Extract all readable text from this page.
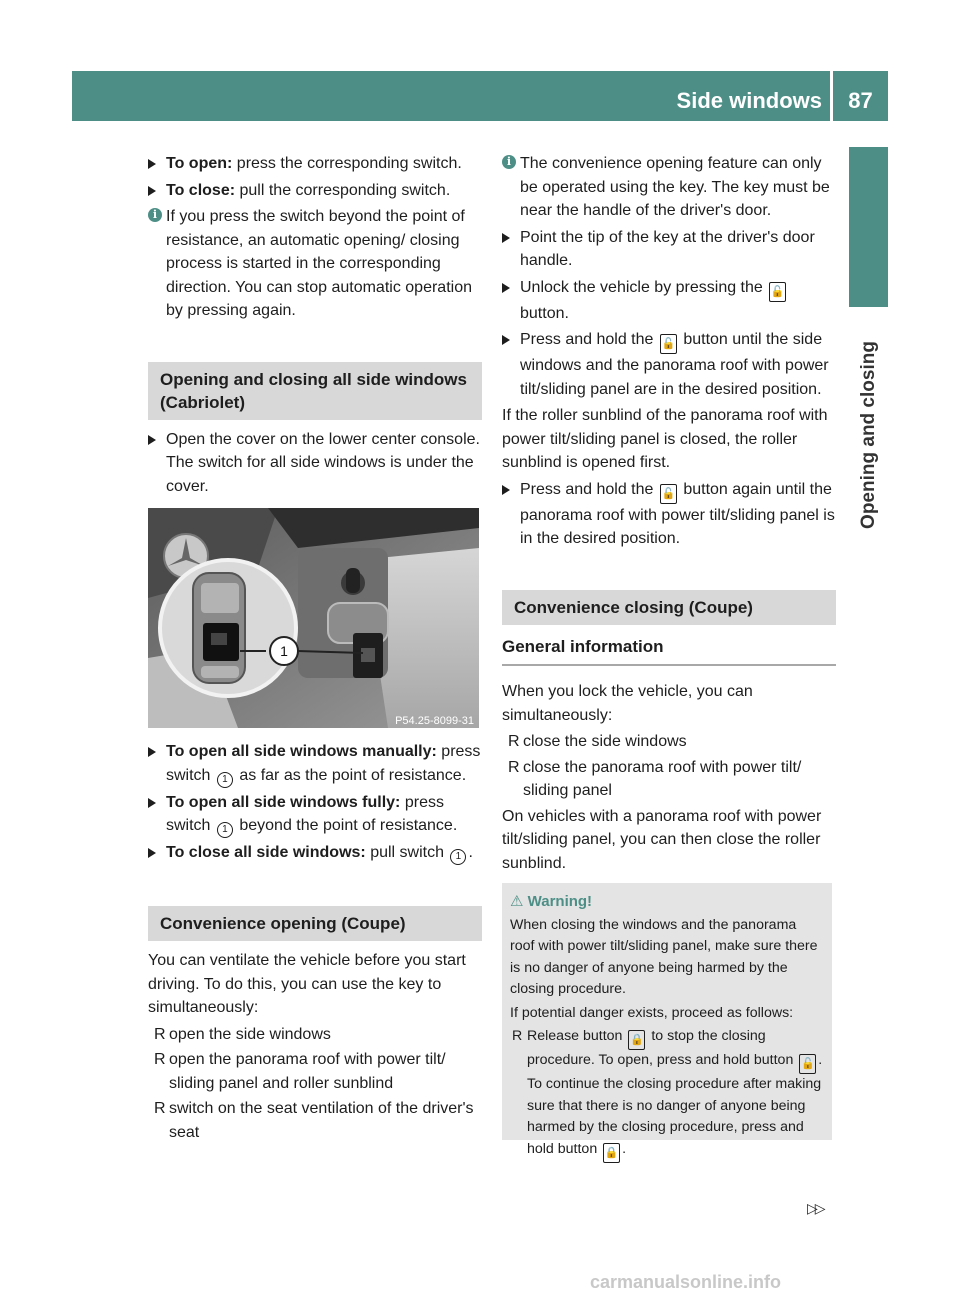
Side windows	87
Opening and closing
To open: press the corresponding switch.
To close: pull the corresponding switch.
i If you press the switch beyond the point of resistance, an automatic opening/ closing process is started in the corresponding direction. You can stop automatic operation by pressing again.
Opening and closing all side windows (Cabriolet)
Open the cover on the lower center console.
The switch for all side windows is under the cover.
1
P54.25-8099-31
To open all side windows manually: press switch 1 as far as the point of resistance.
To open all side windows fully: press switch 1 beyond the point of resistance.
To close all side windows: pull switch 1 .
Convenience opening (Coupe)
You can ventilate the vehicle before you start driving. To do this, you can use the key to simultaneously:
R open the side windows
R open the panorama roof with power tilt/ sliding panel and roller sunblind
R switch on the seat ventilation of the driver's seat
i The convenience opening feature can only be operated using the key. The key must be near the handle of the driver's door.
Point the tip of the key at the driver's door handle.
Unlock the vehicle by pressing the 🔓 button.
Press and hold the 🔓 button until the side windows and the panorama roof with power tilt/sliding panel are in the desired position.
If the roller sunblind of the panorama roof with power tilt/sliding panel is closed, the roller sunblind is opened first.
Press and hold the 🔓 button again until the panorama roof with power tilt/sliding panel is in the desired position.
Convenience closing (Coupe)
General information
When you lock the vehicle, you can simultaneously:
R close the side windows
R close the panorama roof with power tilt/ sliding panel
On vehicles with a panorama roof with power tilt/sliding panel, you can then close the roller sunblind.
⚠ Warning!
When closing the windows and the panorama roof with power tilt/sliding panel, make sure there is no danger of anyone being harmed by the closing procedure.
If potential danger exists, proceed as follows:
R Release button 🔒 to stop the closing procedure. To open, press and hold button 🔓 . To continue the closing procedure after making sure that there is no danger of anyone being harmed by the closing procedure, press and hold button 🔒 .
▷▷
carmanualsonline.info
